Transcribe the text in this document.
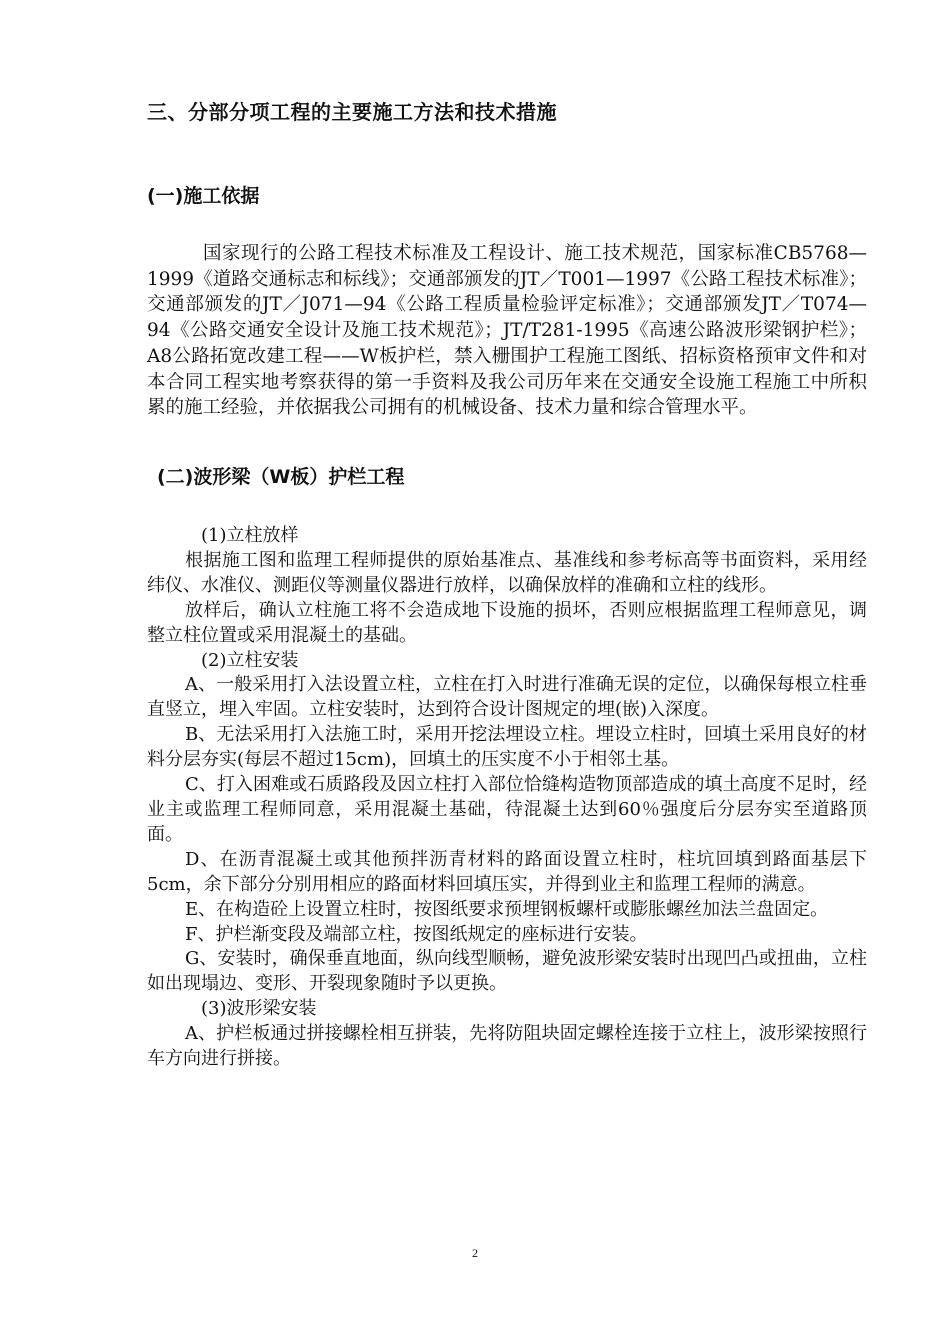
三、分部分项工程的主要施工方法和技术措施
(一)施工依据

国家现行的公路工程技术标准及工程设计、施工技术规范，国家标准CB5768—1999《道路交通标志和标线》；交通部颁发的JT／T001—1997《公路工程技术标准》；交通部颁发的JT／J071—94《公路工程质量检验评定标准》；交通部颁发JT／T074—94《公路交通安全设计及施工技术规范》；JT/T281-1995《高速公路波形梁钢护栏》；A8公路拓宽改建工程——W板护栏，禁入栅围护工程施工图纸、招标资格预审文件和对本合同工程实地考察获得的第一手资料及我公司历年来在交通安全设施工程施工中所积累的施工经验，并依据我公司拥有的机械设备、技术力量和综合管理水平。

(二)波形梁（W板）护栏工程

(1)立柱放样

根据施工图和监理工程师提供的原始基准点、基准线和参考标高等书面资料，采用经纬仪、水准仪、测距仪等测量仪器进行放样，以确保放样的准确和立柱的线形。

放样后，确认立柱施工将不会造成地下设施的损坏，否则应根据监理工程师意见，调整立柱位置或采用混凝土的基础。

(2)立柱安装

A、一般采用打入法设置立柱，立柱在打入时进行准确无误的定位，以确保每根立柱垂直竖立，埋入牢固。立柱安装时，达到符合设计图规定的埋(嵌)入深度。

B、无法采用打入法施工时，采用开挖法埋设立柱。埋设立柱时，回填土采用良好的材料分层夯实(每层不超过15cm)，回填土的压实度不小于相邻土基。

C、打入困难或石质路段及因立柱打入部位恰缝构造物顶部造成的填土高度不足时，经业主或监理工程师同意，采用混凝土基础，待混凝土达到60％强度后分层夯实至道路顶面。

D、在沥青混凝土或其他预拌沥青材料的路面设置立柱时，柱坑回填到路面基层下5cm，余下部分分别用相应的路面材料回填压实，并得到业主和监理工程师的满意。

E、在构造砼上设置立柱时，按图纸要求预埋钢板螺杆或膨胀螺丝加法兰盘固定。

F、护栏渐变段及端部立柱，按图纸规定的座标进行安装。

G、安装时，确保垂直地面，纵向线型顺畅，避免波形梁安装时出现凹凸或扭曲，立柱如出现塌边、变形、开裂现象随时予以更换。

(3)波形梁安装

A、护栏板通过拼接螺栓相互拼装，先将防阻块固定螺栓连接于立柱上，波形梁按照行车方向进行拼接。

2
